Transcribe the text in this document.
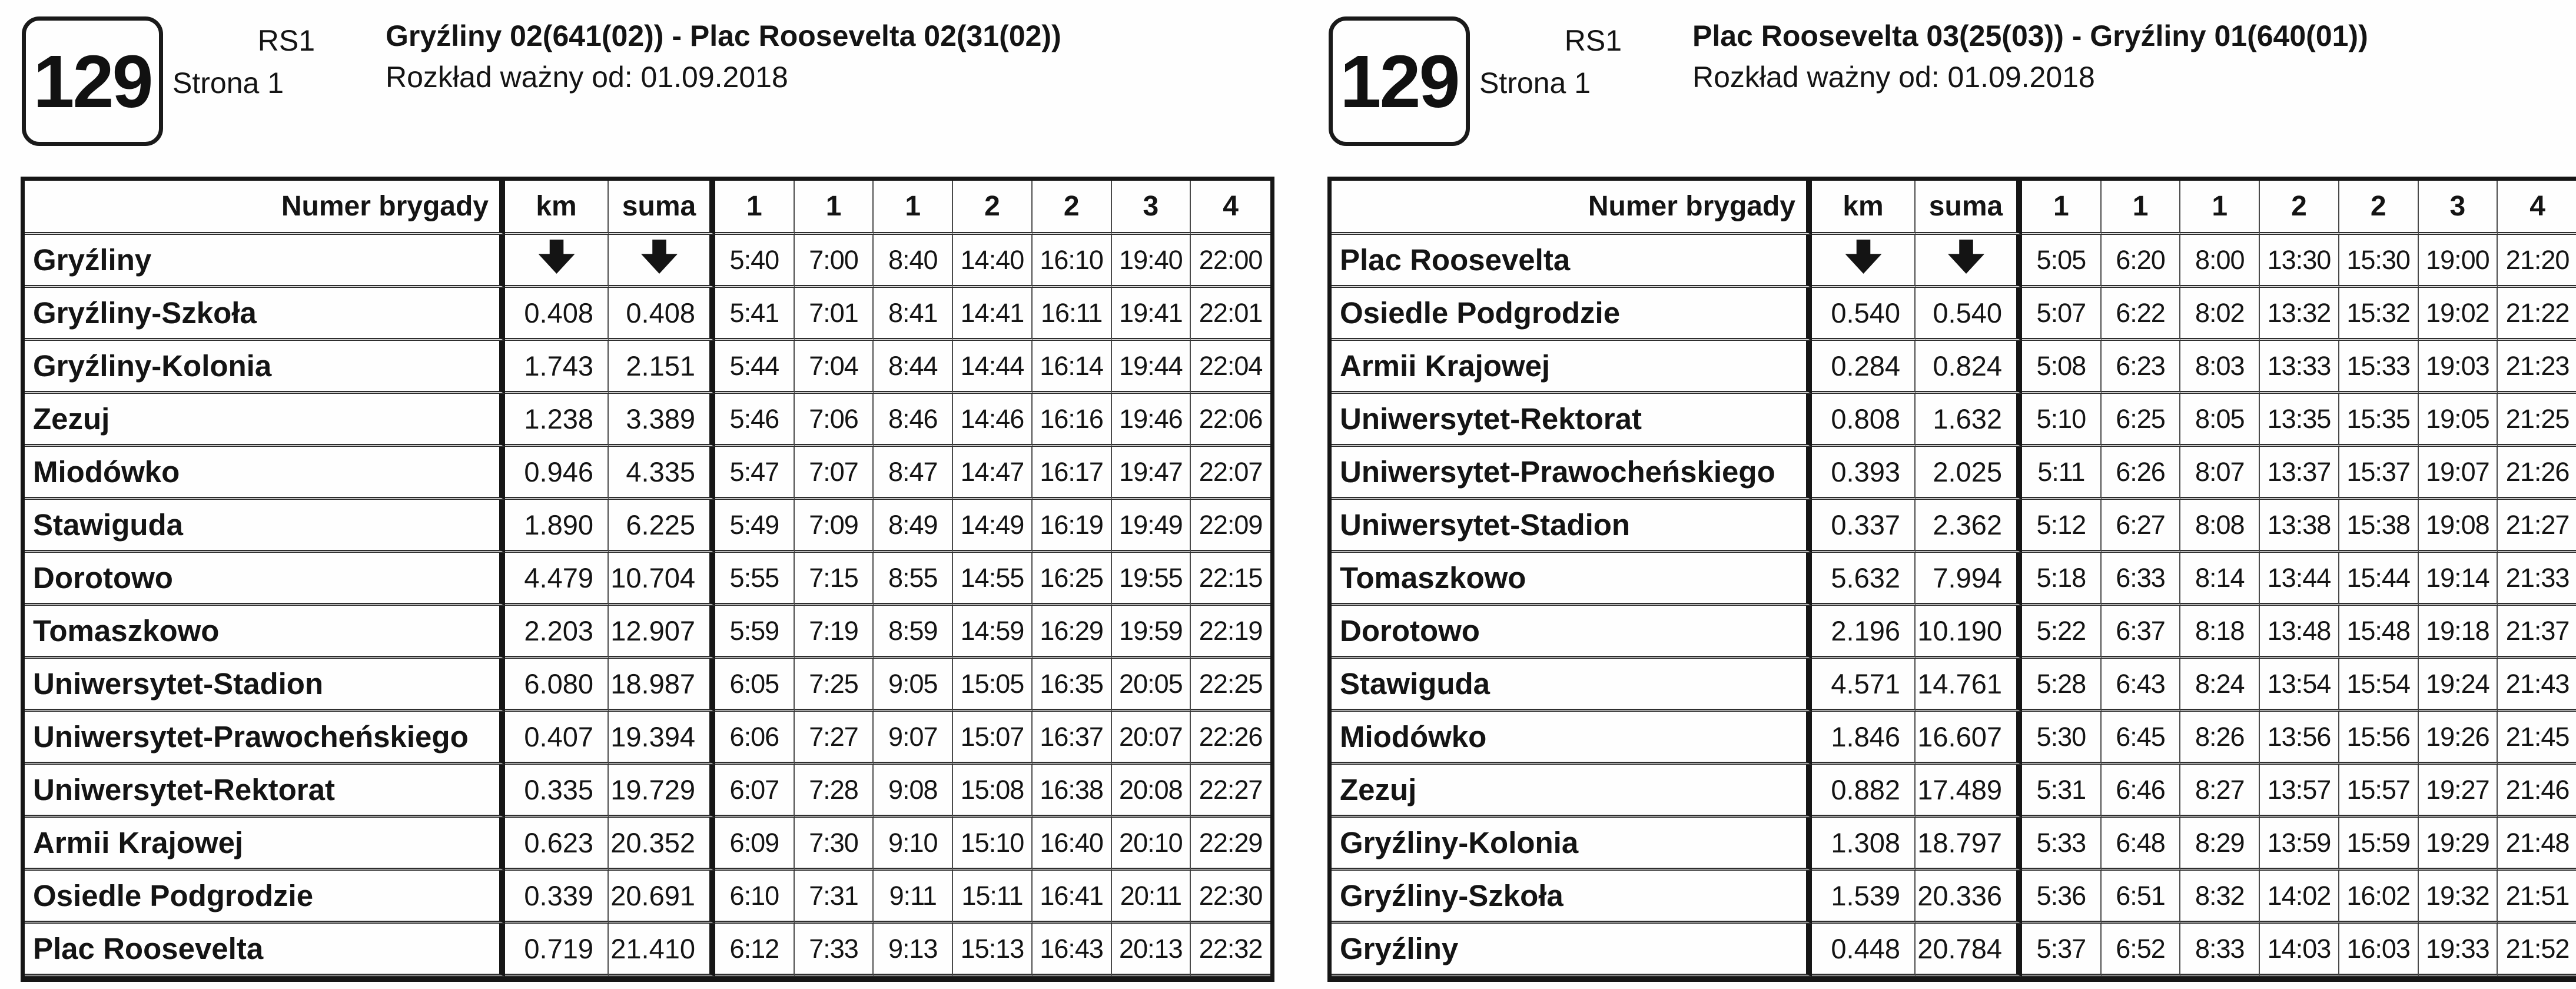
129	RS1
Strona 1
Gryźliny 02(641(02)) - Plac Roosevelta 02(31(02))
Rozkład ważny od: 01.09.2018
Numer brygady	km	suma	1	1	1	2	2	3	4
Gryźliny			5:40	7:00	8:40	14:40	16:10	19:40	22:00
Gryźliny-Szkoła	0.408	0.408	5:41	7:01	8:41	14:41	16:11	19:41	22:01
Gryźliny-Kolonia	1.743	2.151	5:44	7:04	8:44	14:44	16:14	19:44	22:04
Zezuj	1.238	3.389	5:46	7:06	8:46	14:46	16:16	19:46	22:06
Miodówko	0.946	4.335	5:47	7:07	8:47	14:47	16:17	19:47	22:07
Stawiguda	1.890	6.225	5:49	7:09	8:49	14:49	16:19	19:49	22:09
Dorotowo	4.479	10.704	5:55	7:15	8:55	14:55	16:25	19:55	22:15
Tomaszkowo	2.203	12.907	5:59	7:19	8:59	14:59	16:29	19:59	22:19
Uniwersytet-Stadion	6.080	18.987	6:05	7:25	9:05	15:05	16:35	20:05	22:25
Uniwersytet-Prawocheńskiego	0.407	19.394	6:06	7:27	9:07	15:07	16:37	20:07	22:26
Uniwersytet-Rektorat	0.335	19.729	6:07	7:28	9:08	15:08	16:38	20:08	22:27
Armii Krajowej	0.623	20.352	6:09	7:30	9:10	15:10	16:40	20:10	22:29
Osiedle Podgrodzie	0.339	20.691	6:10	7:31	9:11	15:11	16:41	20:11	22:30
Plac Roosevelta	0.719	21.410	6:12	7:33	9:13	15:13	16:43	20:13	22:32
129	RS1
Strona 1
Plac Roosevelta 03(25(03)) - Gryźliny 01(640(01))
Rozkład ważny od: 01.09.2018
Numer brygady	km	suma	1	1	1	2	2	3	4
Plac Roosevelta			5:05	6:20	8:00	13:30	15:30	19:00	21:20
Osiedle Podgrodzie	0.540	0.540	5:07	6:22	8:02	13:32	15:32	19:02	21:22
Armii Krajowej	0.284	0.824	5:08	6:23	8:03	13:33	15:33	19:03	21:23
Uniwersytet-Rektorat	0.808	1.632	5:10	6:25	8:05	13:35	15:35	19:05	21:25
Uniwersytet-Prawocheńskiego	0.393	2.025	5:11	6:26	8:07	13:37	15:37	19:07	21:26
Uniwersytet-Stadion	0.337	2.362	5:12	6:27	8:08	13:38	15:38	19:08	21:27
Tomaszkowo	5.632	7.994	5:18	6:33	8:14	13:44	15:44	19:14	21:33
Dorotowo	2.196	10.190	5:22	6:37	8:18	13:48	15:48	19:18	21:37
Stawiguda	4.571	14.761	5:28	6:43	8:24	13:54	15:54	19:24	21:43
Miodówko	1.846	16.607	5:30	6:45	8:26	13:56	15:56	19:26	21:45
Zezuj	0.882	17.489	5:31	6:46	8:27	13:57	15:57	19:27	21:46
Gryźliny-Kolonia	1.308	18.797	5:33	6:48	8:29	13:59	15:59	19:29	21:48
Gryźliny-Szkoła	1.539	20.336	5:36	6:51	8:32	14:02	16:02	19:32	21:51
Gryźliny	0.448	20.784	5:37	6:52	8:33	14:03	16:03	19:33	21:52
